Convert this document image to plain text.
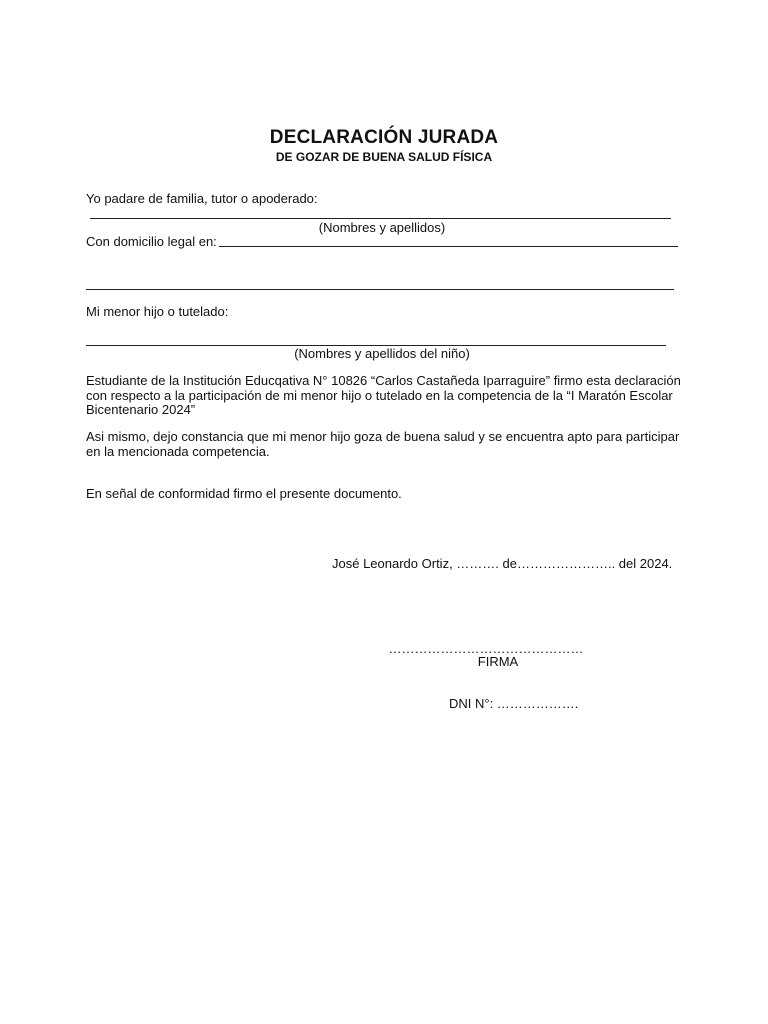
DECLARACIÓN JURADA
DE GOZAR DE BUENA SALUD FÍSICA
Yo padare de familia, tutor o apoderado:
(Nombres y apellidos)
Con domicilio legal en:
Mi menor hijo o tutelado:
(Nombres y apellidos del niño)
Estudiante de la Institución Educqativa N° 10826 “Carlos Castañeda Iparraguire” firmo esta declaración con respecto a la participación de mi menor hijo o tutelado en la competencia de la “I Maratón Escolar Bicentenario 2024”
Asi mismo, dejo constancia que mi menor hijo goza de buena salud y se encuentra apto para participar en la mencionada competencia.
En señal de conformidad firmo el presente documento.
José Leonardo Ortiz, ………. de………………….. del 2024.
………………………………………
FIRMA
DNI N°: ……………….
